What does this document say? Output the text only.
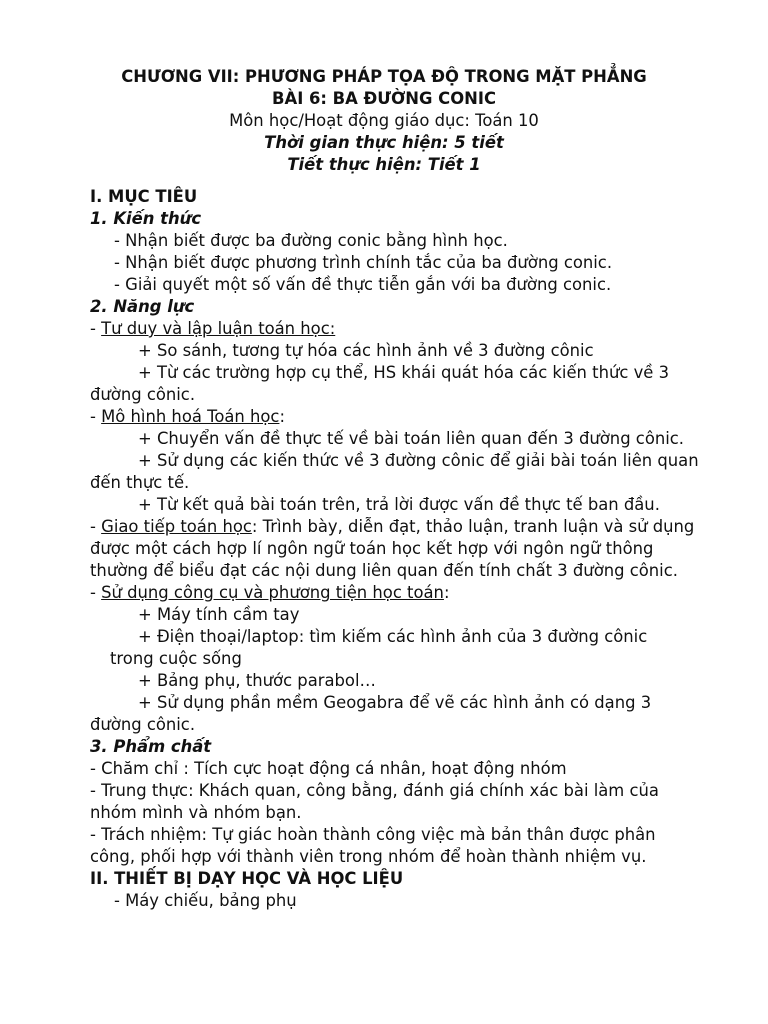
CHƯƠNG VII: PHƯƠNG PHÁP TỌA ĐỘ TRONG MẶT PHẲNG

BÀI 6: BA ĐƯỜNG CONIC

Môn học/Hoạt động giáo dục: Toán 10

Thời gian thực hiện: 5 tiết

Tiết thực hiện: Tiết 1

I. MỤC TIÊU

1. Kiến thức

- Nhận biết được ba đường conic bằng hình học.

- Nhận biết được phương trình chính tắc của ba đường conic.

- Giải quyết một số vấn đề thực tiễn gắn với ba đường conic.

2. Năng lực

- Tư duy và lập luận toán học:

+ So sánh, tương tự hóa các hình ảnh về 3 đường cônic

+ Từ các trường hợp cụ thể, HS khái quát hóa các kiến thức về 3 đường cônic.

- Mô hình hoá Toán học:

+ Chuyển vấn đề thực tế về bài toán liên quan đến 3 đường cônic.

+ Sử dụng các kiến thức về 3 đường cônic để giải bài toán liên quan đến thực tế.

+ Từ kết quả bài toán trên, trả lời được vấn đề thực tế ban đầu.

- Giao tiếp toán học: Trình bày, diễn đạt, thảo luận, tranh luận và sử dụng được một cách hợp lí ngôn ngữ toán học kết hợp với ngôn ngữ thông thường để biểu đạt các nội dung liên quan đến tính chất 3 đường cônic.

- Sử dụng công cụ và phương tiện học toán:

+ Máy tính cầm tay

+ Điện thoại/laptop: tìm kiếm các hình ảnh của 3 đường cônic

trong cuộc sống

+ Bảng phụ, thước parabol…

+ Sử dụng phần mềm Geogabra để vẽ các hình ảnh có dạng 3 đường cônic.

3. Phẩm chất

- Chăm chỉ : Tích cực hoạt động cá nhân, hoạt động nhóm

- Trung thực: Khách quan, công bằng, đánh giá chính xác bài làm của nhóm mình và nhóm bạn.

- Trách nhiệm: Tự giác hoàn thành công việc mà bản thân được phân công, phối hợp với thành viên trong nhóm để hoàn thành nhiệm vụ.

II. THIẾT BỊ DẠY HỌC VÀ HỌC LIỆU

- Máy chiếu, bảng phụ
